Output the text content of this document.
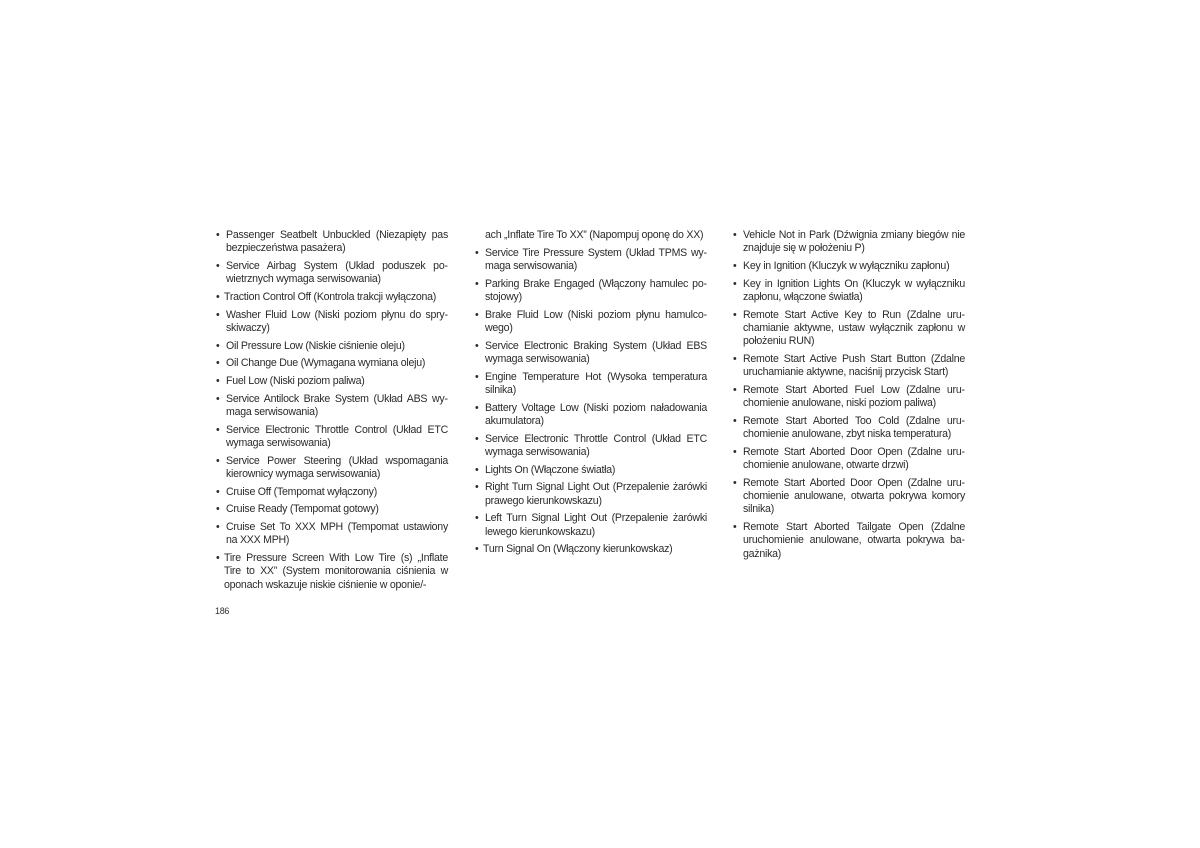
• Passenger Seatbelt Unbuckled (Niezapięty pas bezpieczeństwa pasażera)
• Service Airbag System (Układ poduszek powietrznych wymaga serwisowania)
• Traction Control Off (Kontrola trakcji wyłączona)
• Washer Fluid Low (Niski poziom płynu do spryskiwaczy)
• Oil Pressure Low (Niskie ciśnienie oleju)
• Oil Change Due (Wymagana wymiana oleju)
• Fuel Low (Niski poziom paliwa)
• Service Antilock Brake System (Układ ABS wymaga serwisowania)
• Service Electronic Throttle Control (Układ ETC wymaga serwisowania)
• Service Power Steering (Układ wspomagania kierownicy wymaga serwisowania)
• Cruise Off (Tempomat wyłączony)
• Cruise Ready (Tempomat gotowy)
• Cruise Set To XXX MPH (Tempomat ustawiony na XXX MPH)
• Tire Pressure Screen With Low Tire (s) „Inflate Tire to XX” (System monitorowania ciśnienia w oponach wskazuje niskie ciśnienie w oponie/-
ach „Inflate Tire To XX” (Napompuj oponę do XX)
• Service Tire Pressure System (Układ TPMS wymaga serwisowania)
• Parking Brake Engaged (Włączony hamulec postojowy)
• Brake Fluid Low (Niski poziom płynu hamulcowego)
• Service Electronic Braking System (Układ EBS wymaga serwisowania)
• Engine Temperature Hot (Wysoka temperatura silnika)
• Battery Voltage Low (Niski poziom naładowania akumulatora)
• Service Electronic Throttle Control (Układ ETC wymaga serwisowania)
• Lights On (Włączone światła)
• Right Turn Signal Light Out (Przepalenie żarówki prawego kierunkowskazu)
• Left Turn Signal Light Out (Przepalenie żarówki lewego kierunkowskazu)
• Turn Signal On (Włączony kierunkowskaz)
• Vehicle Not in Park (Dźwignia zmiany biegów nie znajduje się w położeniu P)
• Key in Ignition (Kluczyk w wyłączniku zapłonu)
• Key in Ignition Lights On (Kluczyk w wyłączniku zapłonu, włączone światła)
• Remote Start Active Key to Run (Zdalne uruchamianie aktywne, ustaw wyłącznik zapłonu w położeniu RUN)
• Remote Start Active Push Start Button (Zdalne uruchamianie aktywne, naciśnij przycisk Start)
• Remote Start Aborted Fuel Low (Zdalne uruchomienie anulowane, niski poziom paliwa)
• Remote Start Aborted Too Cold (Zdalne uruchomienie anulowane, zbyt niska temperatura)
• Remote Start Aborted Door Open (Zdalne uruchomienie anulowane, otwarte drzwi)
• Remote Start Aborted Door Open (Zdalne uruchomienie anulowane, otwarta pokrywa komory silnika)
• Remote Start Aborted Tailgate Open (Zdalne uruchomienie anulowane, otwarta pokrywa bagażnika)
186
